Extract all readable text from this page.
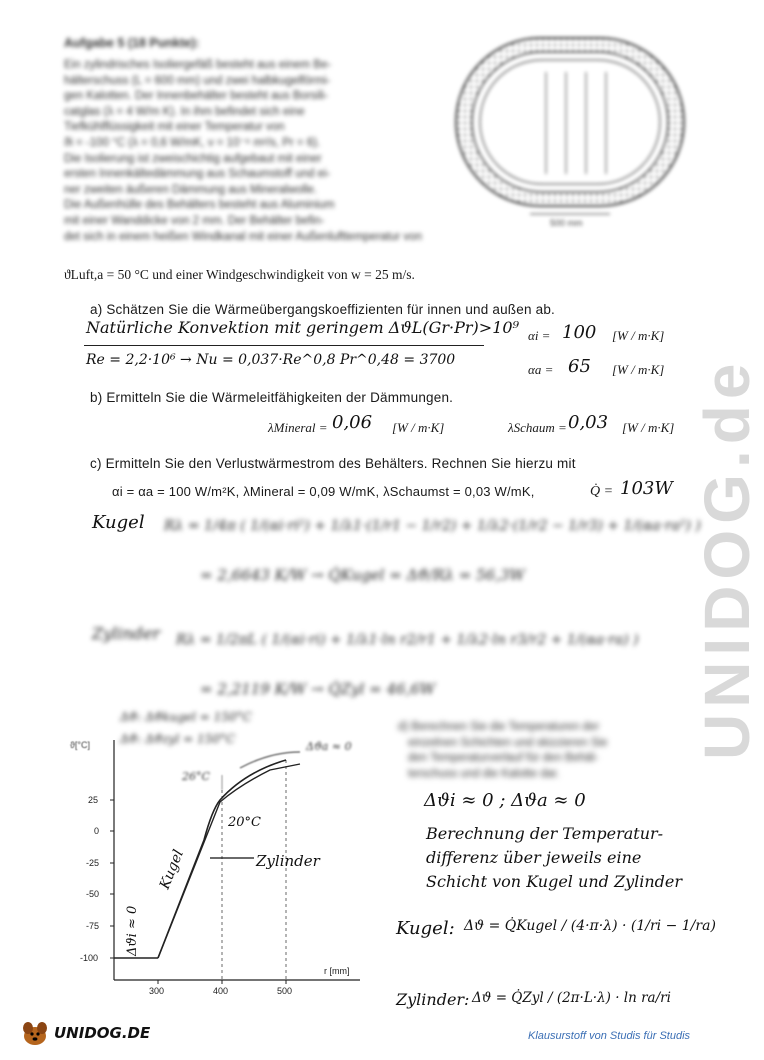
UNIDOG.de
Aufgabe 5 (18 Punkte):
Ein zylindrisches Isoliergefäß besteht aus einem Be-
hälterschuss (L = 600 mm) und zwei halbkugelförmi-
gen Kalotten. Der Innenbehälter besteht aus Borsili-
catglas (λ = 4 W/m K). In ihm befindet sich eine
Tiefkühlflüssigkeit mit einer Temperatur von
ϑi = -100 °C (λ = 0,6 W/mK, ν = 10⁻⁶ m²/s, Pr = 6).
Die Isolierung ist zweischichtig aufgebaut mit einer
ersten Innenkältedämmung aus Schaumstoff und ei-
ner zweiten äußeren Dämmung aus Mineralwolle.
Die Außenhülle des Behälters besteht aus Aluminium
mit einer Wanddicke von 2 mm. Der Behälter befin-
det sich in einem heißen Windkanal mit einer Außenlufttemperatur von
ϑLuft,a = 50 °C und einer Windgeschwindigkeit von w = 25 m/s.
500 mm
a) Schätzen Sie die Wärmeübergangskoeffizienten für innen und außen ab.
Natürliche Konvektion mit geringem ΔϑL(Gr·Pr)>10⁹
Re = 2,2·10⁶ → Nu = 0,037·Re^0,8 Pr^0,48 = 3700
αi = 100 [W / m·K]
αa = 65 [W / m·K]
b) Ermitteln Sie die Wärmeleitfähigkeiten der Dämmungen.
λMineral = 0,06 [W / m·K]	λSchaum = 0,03 [W / m·K]
c) Ermitteln Sie den Verlustwärmestrom des Behälters. Rechnen Sie hierzu mit
αi = αa = 100 W/m²K, λMineral = 0,09 W/mK, λSchaumst = 0,03 W/mK,	Q̇ = 103W
Kugel Rλ = 1/4π ( 1/(αi·ri²) + 1/λ1·(1/r1 − 1/r2) + 1/λ2·(1/r2 − 1/r3) + 1/(αa·ra²) )
= 2,6643 K/W → Q̇Kugel = Δϑ/Rλ = 56,3W
Zylinder Rλ = 1/2πL ( 1/(αi·ri) + 1/λ1·ln r2/r1 + 1/λ2·ln r3/r2 + 1/(αa·ra) )
= 2,2119 K/W → Q̇Zyl = 46,6W
Δϑ: Δϑkugel = 150°C
Δϑ: Δϑzyl = 150°C
d) Berechnen Sie die Temperaturen der
einzelnen Schichten und skizzieren Sie
den Temperaturverlauf für den Behäl-
terschuss und die Kalotte dar.
Δϑi ≈ 0 ; Δϑa ≈ 0
Berechnung der Temperatur-
differenz über jeweils eine
Schicht von Kugel und Zylinder
Kugel: Δϑ = Q̇Kugel / (4·π·λ) · (1/ri − 1/ra)
Zylinder: Δϑ = Q̇Zyl / (2π·L·λ) · ln ra/ri
ϑ[°C]
r [mm]
25
0
-25
-50
-75
-100
300	400	500
Kugel	Zylinder
20°C
Δϑi ≈ 0
Δϑa ≈ 0
26°C
UNIDOG.DE	Klausurstoff von Studis für Studis
